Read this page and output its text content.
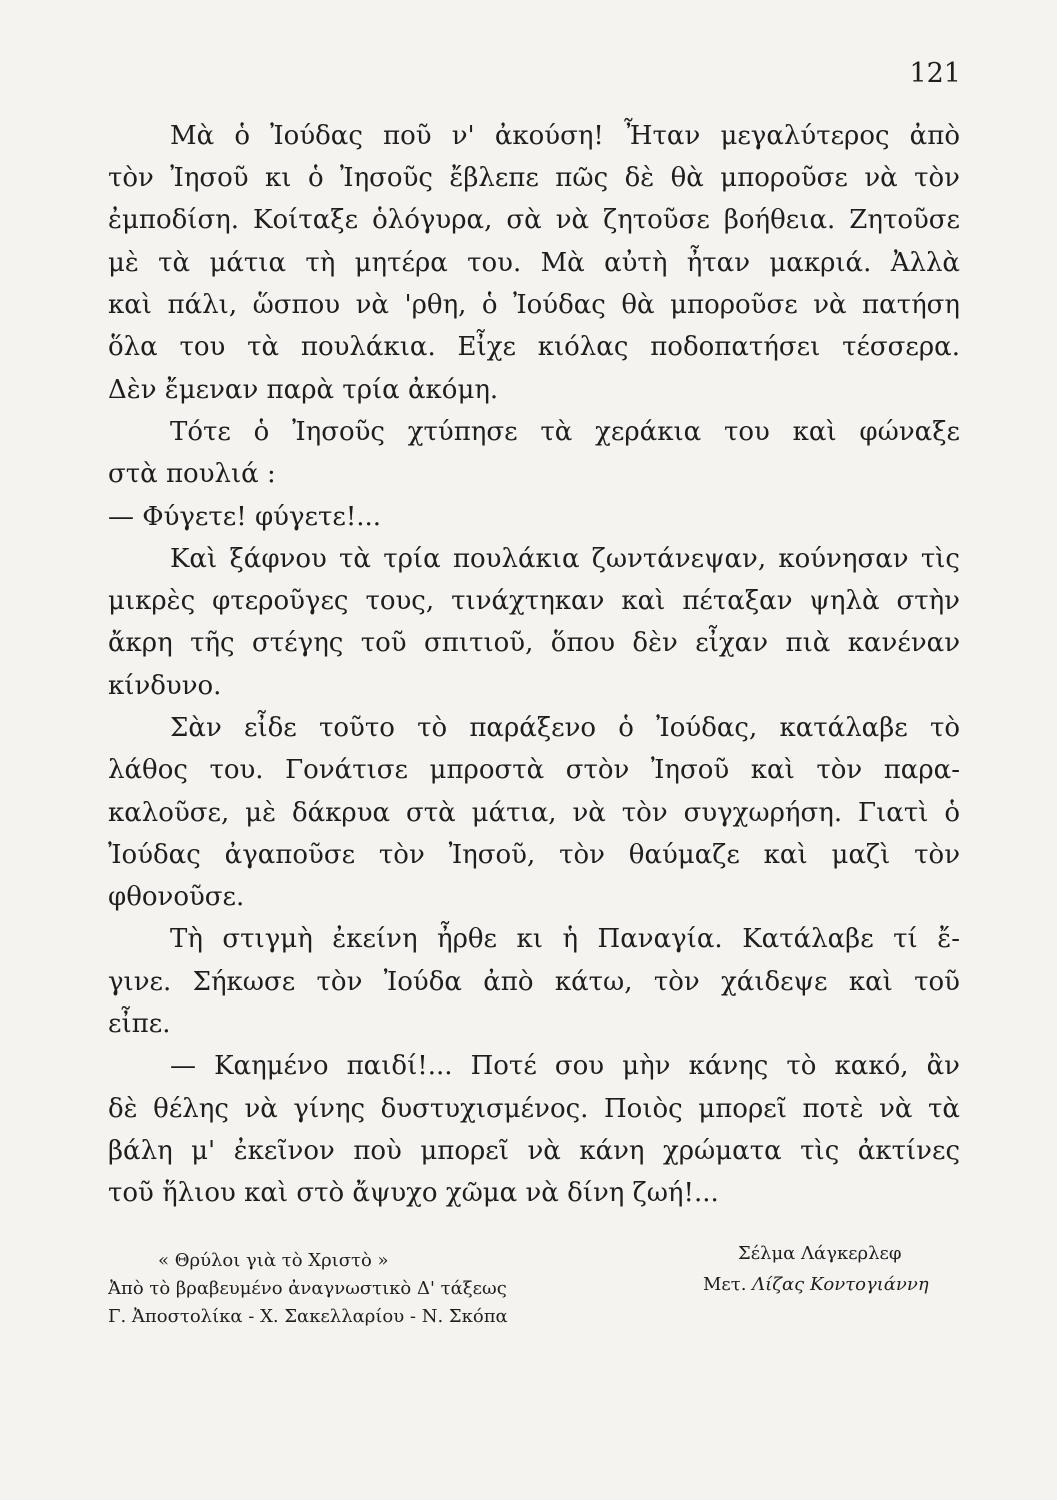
121
Μὰ ὁ Ἰούδας ποῦ ν' ἀκούση! Ἦταν μεγαλύτερος ἀπὸ
τὸν Ἰησοῦ κι ὁ Ἰησοῦς ἔβλεπε πῶς δὲ θὰ μποροῦσε νὰ τὸν
ἐμποδίση. Κοίταξε ὁλόγυρα, σὰ νὰ ζητοῦσε βοήθεια. Ζητοῦσε
μὲ τὰ μάτια τὴ μητέρα του. Μὰ αὐτὴ ἦταν μακριά. Ἀλλὰ
καὶ πάλι, ὥσπου νὰ 'ρθη, ὁ Ἰούδας θὰ μποροῦσε νὰ πατήση
ὅλα του τὰ πουλάκια. Εἶχε κιόλας ποδοπατήσει τέσσερα.
Δὲν ἔμεναν παρὰ τρία ἀκόμη.
Τότε ὁ Ἰησοῦς χτύπησε τὰ χεράκια του καὶ φώναξε
στὰ πουλιά :
— Φύγετε! φύγετε!...
Καὶ ξάφνου τὰ τρία πουλάκια ζωντάνεψαν, κούνησαν τὶς
μικρὲς φτεροῦγες τους, τινάχτηκαν καὶ πέταξαν ψηλὰ στὴν
ἄκρη τῆς στέγης τοῦ σπιτιοῦ, ὅπου δὲν εἶχαν πιὰ κανέναν
κίνδυνο.
Σὰν εἶδε τοῦτο τὸ παράξενο ὁ Ἰούδας, κατάλαβε τὸ
λάθος του. Γονάτισε μπροστὰ στὸν Ἰησοῦ καὶ τὸν παρα-
καλοῦσε, μὲ δάκρυα στὰ μάτια, νὰ τὸν συγχωρήση. Γιατὶ ὁ
Ἰούδας ἀγαποῦσε τὸν Ἰησοῦ, τὸν θαύμαζε καὶ μαζὶ τὸν
φθονοῦσε.
Τὴ στιγμὴ ἐκείνη ἦρθε κι ἡ Παναγία. Κατάλαβε τί ἔ-
γινε. Σήκωσε τὸν Ἰούδα ἀπὸ κάτω, τὸν χάιδεψε καὶ τοῦ
εἶπε.
— Καημένο παιδί!... Ποτέ σου μὴν κάνης τὸ κακό, ἂν
δὲ θέλης νὰ γίνης δυστυχισμένος. Ποιὸς μπορεῖ ποτὲ νὰ τὰ
βάλη μ' ἐκεῖνον ποὺ μπορεῖ νὰ κάνη χρώματα τὶς ἀκτίνες
τοῦ ἥλιου καὶ στὸ ἄψυχο χῶμα νὰ δίνη ζωή!...
« Θρύλοι γιὰ τὸ Χριστὸ »
Ἀπὸ τὸ βραβευμένο ἀναγνωστικὸ Δ' τάξεως
Γ. Ἀποστολίκα - Χ. Σακελλαρίου - Ν. Σκόπα
Σέλμα Λάγκερλεφ
Μετ. Λίζας Κοντογιάννη
